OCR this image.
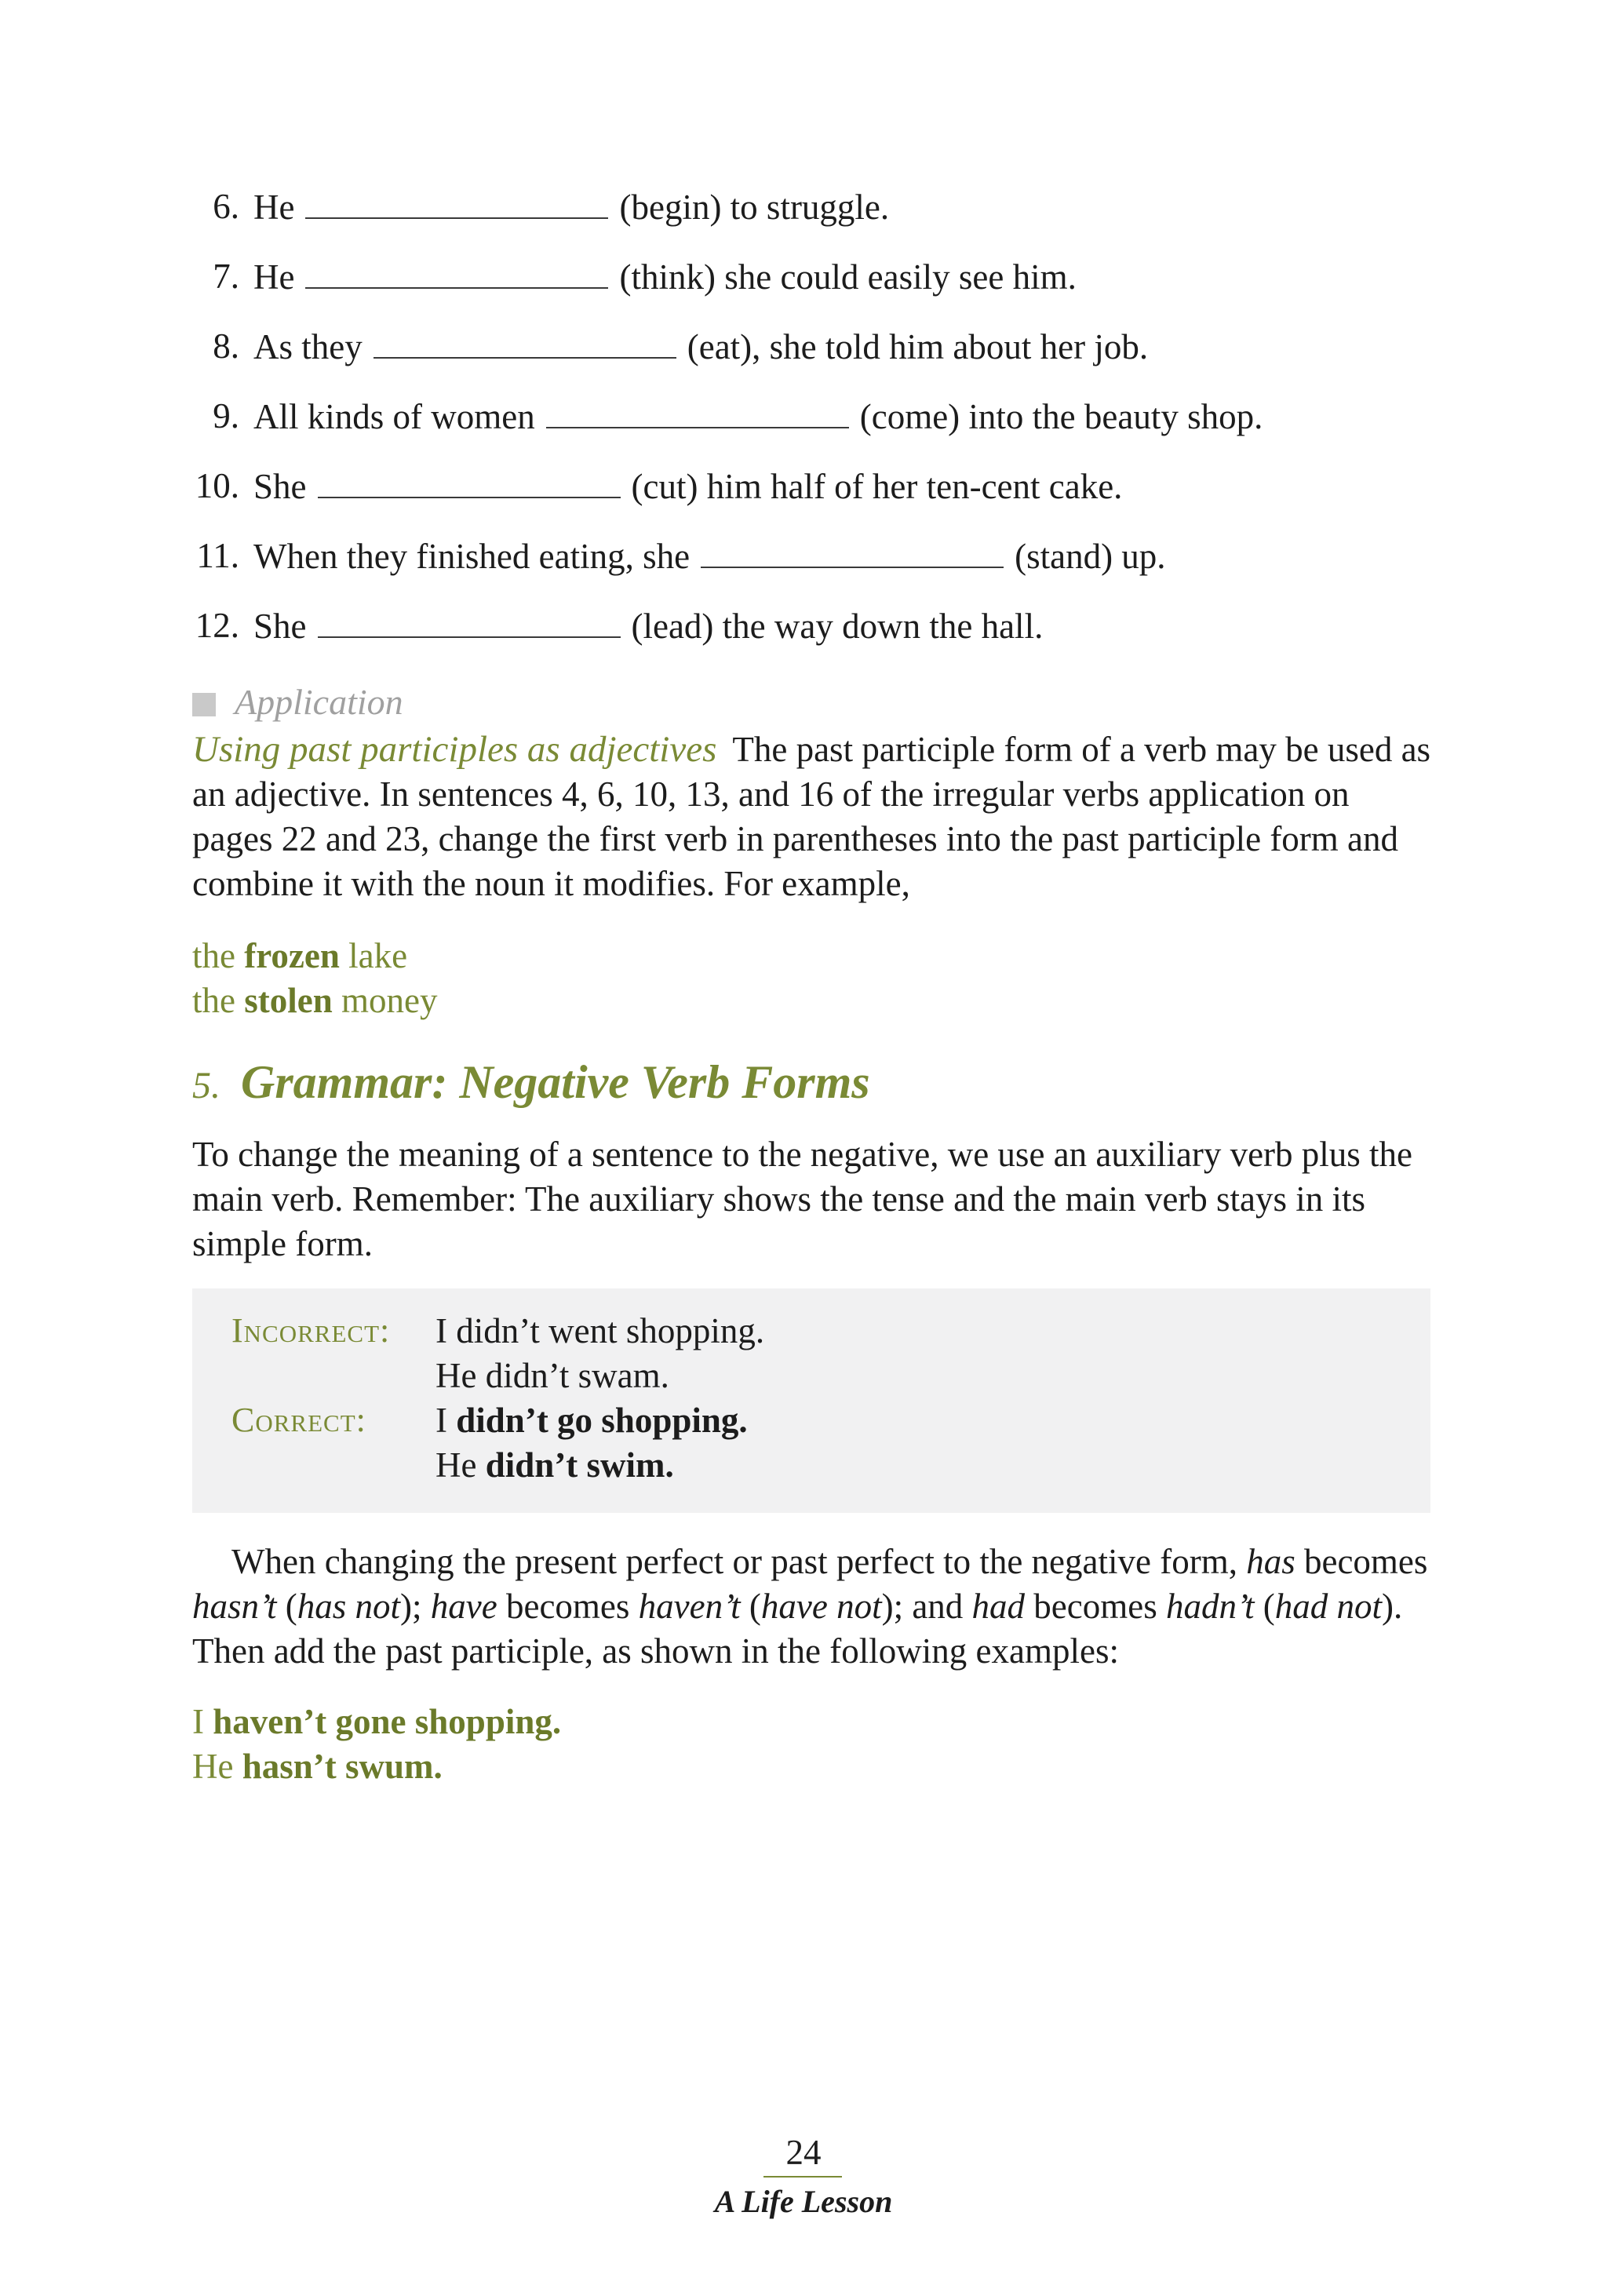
6. He	(begin) to struggle.
7. He	(think) she could easily see him.
8. As they	(eat), she told him about her job.
9. All kinds of women	(come) into the beauty shop.
10. She	(cut) him half of her ten-cent cake.
11. When they finished eating, she	(stand) up.
12. She	(lead) the way down the hall.
Application
Using past participles as adjectives The past participle form of a verb may be used as an adjective. In sentences 4, 6, 10, 13, and 16 of the irregular verbs application on pages 22 and 23, change the first verb in parentheses into the past participle form and combine it with the noun it modifies. For example,
the frozen lake
the stolen money
5. Grammar: Negative Verb Forms
To change the meaning of a sentence to the negative, we use an auxiliary verb plus the main verb. Remember: The auxiliary shows the tense and the main verb stays in its simple form.
Incorrect: I didn’t went shopping.
He didn’t swam.
Correct: I didn’t go shopping.
He didn’t swim.
When changing the present perfect or past perfect to the negative form, has becomes hasn’t (has not); have becomes haven’t (have not); and had becomes hadn’t (had not). Then add the past participle, as shown in the following examples:
I haven’t gone shopping.
He hasn’t swum.
24
A Life Lesson
